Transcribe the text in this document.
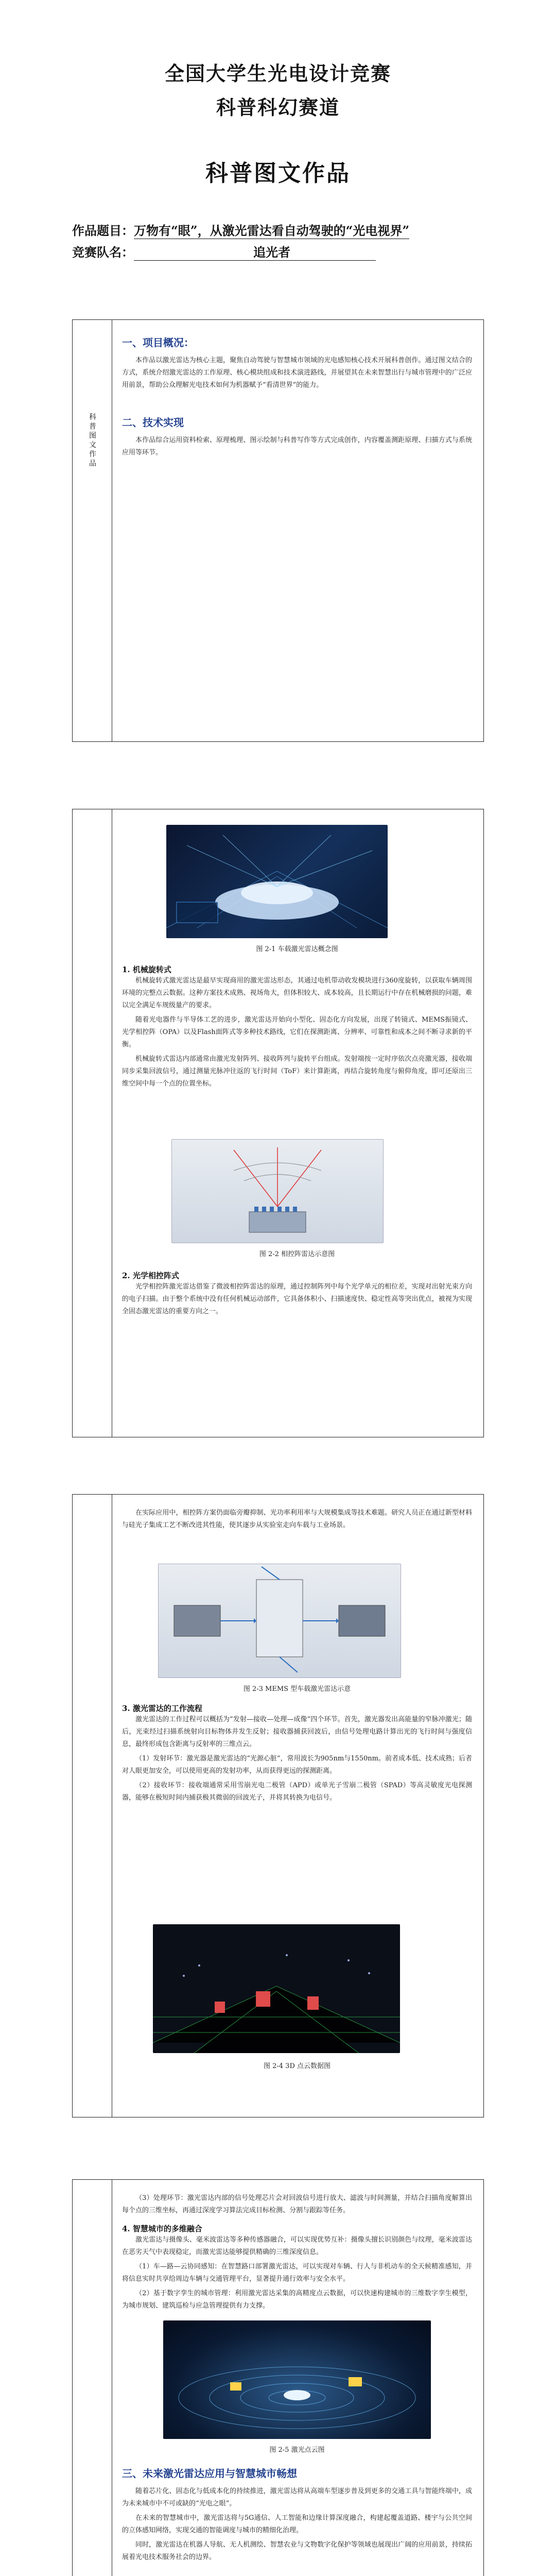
全国大学生光电设计竞赛
科普科幻赛道
科普图文作品
作品题目：万物有“眼”，从激光雷达看自动驾驶的“光电视界”
竞赛队名：	追光者
科普图文作品
一、项目概况：

本作品以激光雷达为核心主题，聚焦自动驾驶与智慧城市领域的光电感知核心技术开展科普创作。通过图文结合的方式，系统介绍激光雷达的工作原理、核心模块组成和技术演进路线，并展望其在未来智慧出行与城市管理中的广泛应用前景，帮助公众理解光电技术如何为机器赋予“看清世界”的能力。

二、技术实现

本作品综合运用资料检索、原理梳理、图示绘制与科普写作等方式完成创作，内容覆盖测距原理、扫描方式与系统应用等环节。

图 2-1 车载激光雷达概念图
1. 机械旋转式

机械旋转式激光雷达是最早实现商用的激光雷达形态，其通过电机带动收发模块进行360度旋转，以获取车辆周围环境的完整点云数据。这种方案技术成熟、视场角大，但体积较大、成本较高，且长期运行中存在机械磨损的问题，难以完全满足车规级量产的要求。

随着光电器件与半导体工艺的进步，激光雷达开始向小型化、固态化方向发展，出现了转镜式、MEMS振镜式、光学相控阵（OPA）以及Flash面阵式等多种技术路线，它们在探测距离、分辨率、可靠性和成本之间不断寻求新的平衡。

机械旋转式雷达内部通常由激光发射阵列、接收阵列与旋转平台组成。发射端按一定时序依次点亮激光器，接收端同步采集回波信号，通过测量光脉冲往返的飞行时间（ToF）来计算距离，再结合旋转角度与俯仰角度，即可还原出三维空间中每一个点的位置坐标。

图 2-2 相控阵雷达示意图
2. 光学相控阵式

光学相控阵激光雷达借鉴了微波相控阵雷达的原理，通过控制阵列中每个光学单元的相位差，实现对出射光束方向的电子扫描。由于整个系统中没有任何机械运动部件，它具备体积小、扫描速度快、稳定性高等突出优点，被视为实现全固态激光雷达的重要方向之一。

在实际应用中，相控阵方案仍面临旁瓣抑制、光功率利用率与大规模集成等技术难题。研究人员正在通过新型材料与硅光子集成工艺不断改进其性能，使其逐步从实验室走向车载与工业场景。

图 2-3 MEMS 型车载激光雷达示意
3. 激光雷达的工作流程

激光雷达的工作过程可以概括为“发射—接收—处理—成像”四个环节。首先，激光器发出高能量的窄脉冲激光；随后，光束经过扫描系统射向目标物体并发生反射；接收器捕获回波后，由信号处理电路计算出光的飞行时间与强度信息，最终形成包含距离与反射率的三维点云。

（1）发射环节：激光器是激光雷达的“光源心脏”，常用波长为905nm与1550nm。前者成本低、技术成熟；后者对人眼更加安全，可以使用更高的发射功率，从而获得更远的探测距离。

（2）接收环节：接收端通常采用雪崩光电二极管（APD）或单光子雪崩二极管（SPAD）等高灵敏度光电探测器，能够在极短时间内捕获极其微弱的回波光子，并将其转换为电信号。

图 2-4 3D 点云数据图

（3）处理环节：激光雷达内部的信号处理芯片会对回波信号进行放大、滤波与时间测量，并结合扫描角度解算出每个点的三维坐标，再通过深度学习算法完成目标检测、分割与跟踪等任务。

4. 智慧城市的多维融合

激光雷达与摄像头、毫米波雷达等多种传感器融合，可以实现优势互补：摄像头擅长识别颜色与纹理，毫米波雷达在恶劣天气中表现稳定，而激光雷达能够提供精确的三维深度信息。

（1）车—路—云协同感知：在智慧路口部署激光雷达，可以实现对车辆、行人与非机动车的全天候精准感知，并将信息实时共享给周边车辆与交通管理平台，显著提升通行效率与安全水平。

（2）基于数字孪生的城市管理：利用激光雷达采集的高精度点云数据，可以快速构建城市的三维数字孪生模型，为城市规划、建筑巡检与应急管理提供有力支撑。

图 2-5 激光点云图
三、未来激光雷达应用与智慧城市畅想

随着芯片化、固态化与低成本化的持续推进，激光雷达将从高端车型逐步普及到更多的交通工具与智能终端中，成为未来城市中不可或缺的“光电之眼”。

在未来的智慧城市中，激光雷达将与5G通信、人工智能和边缘计算深度融合，构建起覆盖道路、楼宇与公共空间的立体感知网络，实现交通的智能调度与城市的精细化治理。

同时，激光雷达在机器人导航、无人机测绘、智慧农业与文物数字化保护等领域也展现出广阔的应用前景，持续拓展着光电技术服务社会的边界。
